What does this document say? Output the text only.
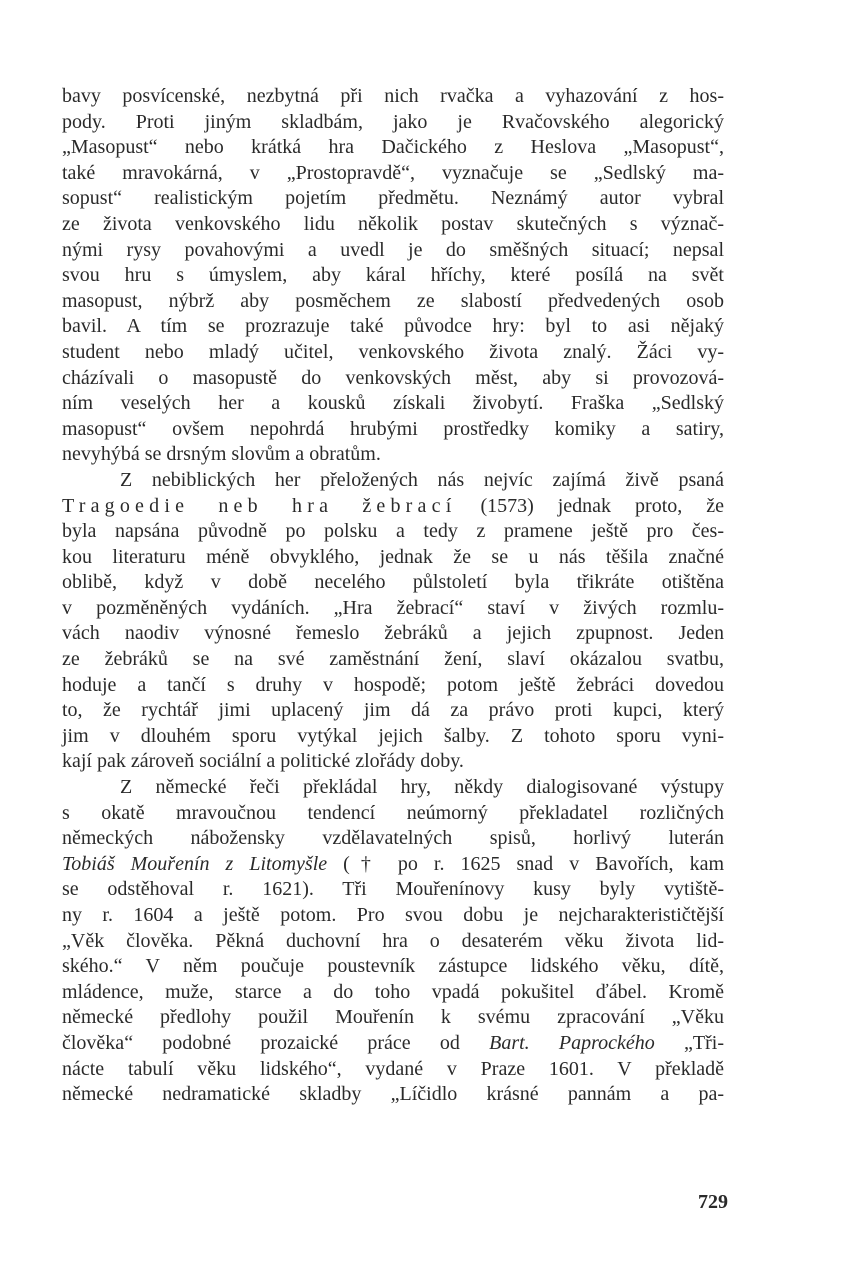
bavy posvícenské, nezbytná při nich rvačka a vyhazování z hos-
pody. Proti jiným skladbám, jako je Rvačovského alegorický
„Masopust“ nebo krátká hra Dačického z Heslova „Masopust“,
také mravokárná, v „Prostopravdě“, vyznačuje se „Sedlský ma-
sopust“ realistickým pojetím předmětu. Neznámý autor vybral
ze života venkovského lidu několik postav skutečných s význač-
nými rysy povahovými a uvedl je do směšných situací; nepsal
svou hru s úmyslem, aby káral hříchy, které posílá na svět
masopust, nýbrž aby posměchem ze slabostí předvedených osob
bavil. A tím se prozrazuje také původce hry: byl to asi nějaký
student nebo mladý učitel, venkovského života znalý. Žáci vy-
cházívali o masopustě do venkovských měst, aby si provozová-
ním veselých her a kousků získali živobytí. Fraška „Sedlský
masopust“ ovšem nepohrdá hrubými prostředky komiky a satiry,
nevyhýbá se drsným slovům a obratům.
Z nebiblických her přeložených nás nejvíc zajímá živě psaná
Tragoedie neb hra žebrací (1573) jednak proto, že
byla napsána původně po polsku a tedy z pramene ještě pro čes-
kou literaturu méně obvyklého, jednak že se u nás těšila značné
oblibě, když v době necelého půlstoletí byla třikráte otištěna
v pozměněných vydáních. „Hra žebrací“ staví v živých rozmlu-
vách naodiv výnosné řemeslo žebráků a jejich zpupnost. Jeden
ze žebráků se na své zaměstnání žení, slaví okázalou svatbu,
hoduje a tančí s druhy v hospodě; potom ještě žebráci dovedou
to, že rychtář jimi uplacený jim dá za právo proti kupci, který
jim v dlouhém sporu vytýkal jejich šalby. Z tohoto sporu vyni-
kají pak zároveň sociální a politické zlořády doby.
Z německé řeči překládal hry, někdy dialogisované výstupy
s okatě mravoučnou tendencí neúmorný překladatel rozličných
německých nábožensky vzdělavatelných spisů, horlivý luterán
Tobiáš Mouřenín z Litomyšle († po r. 1625 snad v Bavořích, kam
se odstěhoval r. 1621). Tři Mouřenínovy kusy byly vytiště-
ny r. 1604 a ještě potom. Pro svou dobu je nejcharakterističtější
„Věk člověka. Pěkná duchovní hra o desaterém věku života lid-
ského.“ V něm poučuje poustevník zástupce lidského věku, dítě,
mládence, muže, starce a do toho vpadá pokušitel ďábel. Kromě
německé předlohy použil Mouřenín k svému zpracování „Věku
člověka“ podobné prozaické práce od Bart. Paprockého „Tři-
nácte tabulí věku lidského“, vydané v Praze 1601. V překladě
německé nedramatické skladby „Líčidlo krásné pannám a pa-
729
